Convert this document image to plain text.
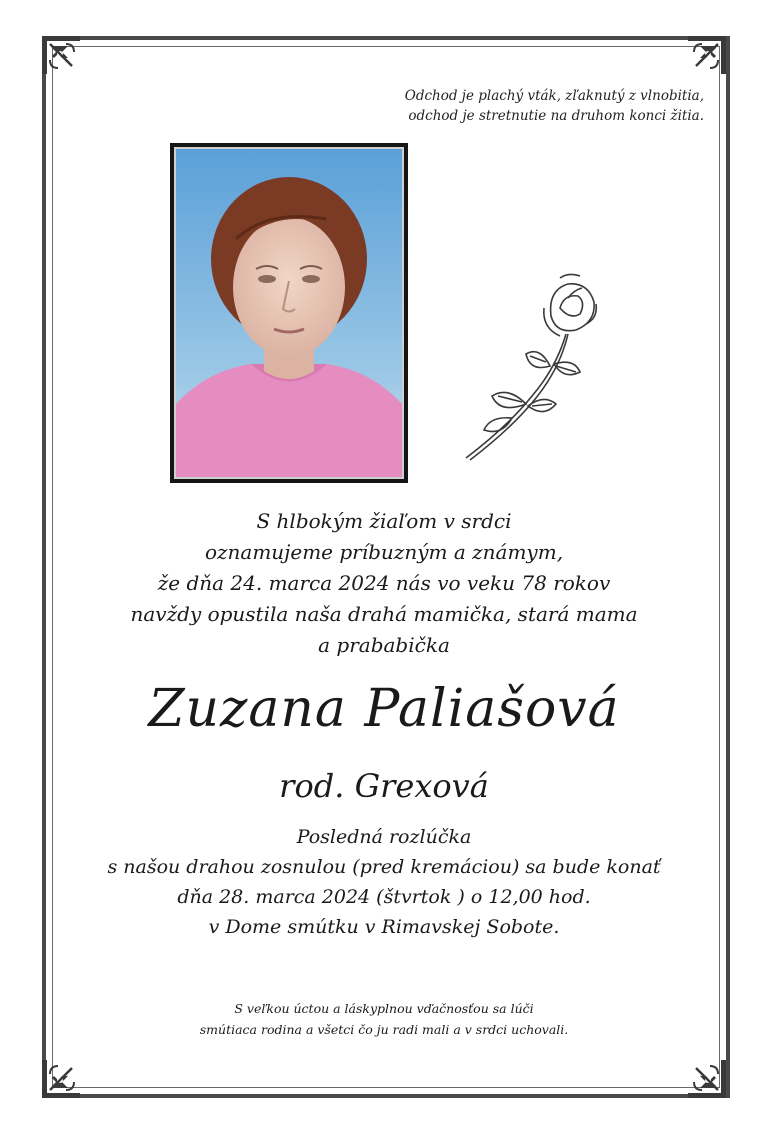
Odchod je plachý vták, zľaknutý z vlnobitia,
odchod je stretnutie na druhom konci žitia.
S hlbokým žiaľom v srdci
oznamujeme príbuzným a známym,
že dňa 24. marca 2024 nás vo veku 78 rokov
navždy opustila naša drahá mamička, stará mama
a prababička
Zuzana Paliašová
rod. Grexová
Posledná rozlúčka
s našou drahou zosnulou (pred kremáciou) sa bude konať
dňa 28. marca 2024 (štvrtok ) o 12,00 hod.
v Dome smútku v Rimavskej Sobote.
S veľkou úctou a láskyplnou vďačnosťou sa lúči
smútiaca rodina a všetci čo ju radi mali a v srdci uchovali.
